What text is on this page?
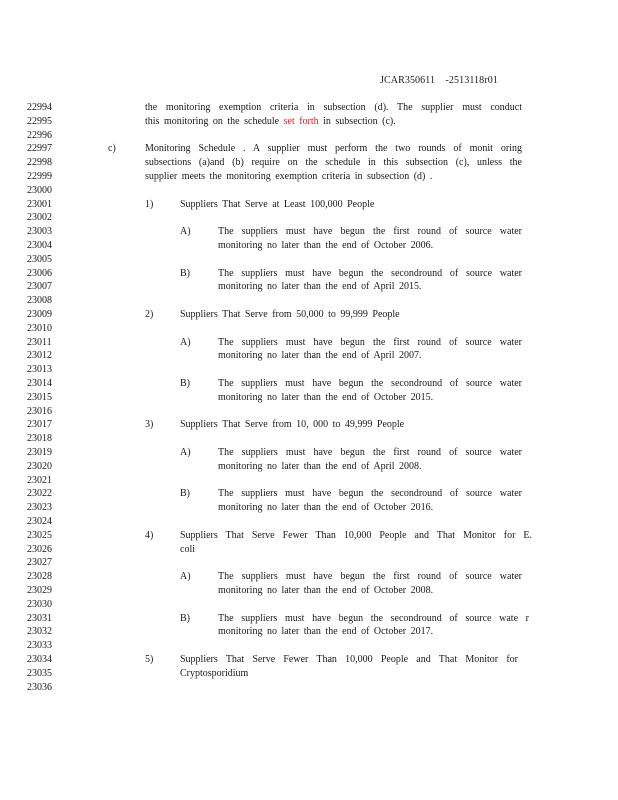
JCAR350611 -2513118r01
22994
22995
22996
22997
22998
22999
23000
23001
23002
23003
23004
23005
23006
23007
23008
23009
23010
23011
23012
23013
23014
23015
23016
23017
23018
23019
23020
23021
23022
23023
23024
23025
23026
23027
23028
23029
23030
23031
23032
23033
23034
23035
23036
the monitoring exemption criteria in subsection (d). The supplier must conduct
this monitoring on the schedule set forth in subsection (c).
c)	Monitoring Schedule . A supplier must perform the two rounds of monit oring
subsections (a)and (b) require on the schedule in this subsection (c), unless the
supplier meets the monitoring exemption criteria in subsection (d) .
1)	Suppliers That Serve at Least 100,000 People
A)	The suppliers must have begun the first round of source water
monitoring no later than the end of October 2006.
B)	The suppliers must have begun the secondround of source water
monitoring no later than the end of April 2015.
2)	Suppliers That Serve from 50,000 to 99,999 People
A)	The suppliers must have begun the first round of source water
monitoring no later than the end of April 2007.
B)	The suppliers must have begun the secondround of source water
monitoring no later than the end of October 2015.
3)	Suppliers That Serve from 10, 000 to 49,999 People
A)	The suppliers must have begun the first round of source water
monitoring no later than the end of April 2008.
B)	The suppliers must have begun the secondround of source water
monitoring no later than the end of October 2016.
4)	Suppliers That Serve Fewer Than 10,000 People and That Monitor for E.
coli
A)	The suppliers must have begun the first round of source water
monitoring no later than the end of October 2008.
B)	The suppliers must have begun the secondround of source wate r
monitoring no later than the end of October 2017.
5)	Suppliers That Serve Fewer Than 10,000 People and That Monitor for
Cryptosporidium
